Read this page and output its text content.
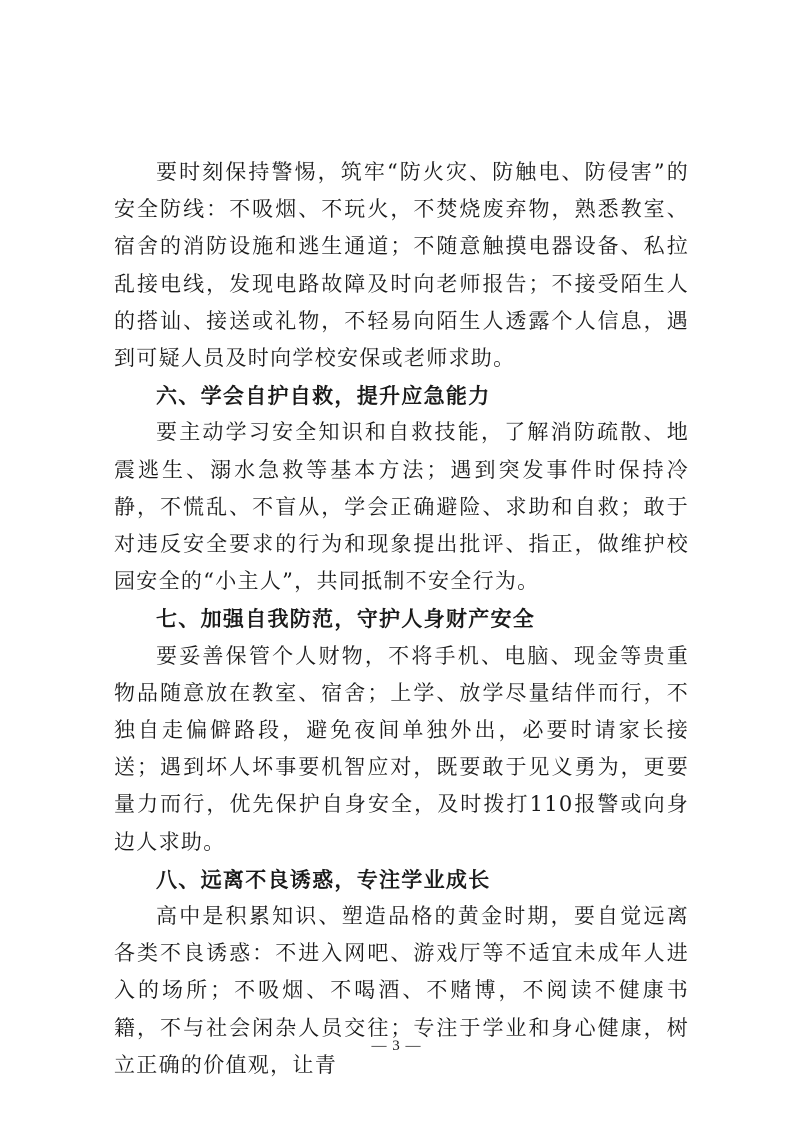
要时刻保持警惕，筑牢“防火灾、防触电、防侵害”的安全防线：不吸烟、不玩火，不焚烧废弃物，熟悉教室、宿舍的消防设施和逃生通道；不随意触摸电器设备、私拉乱接电线，发现电路故障及时向老师报告；不接受陌生人的搭讪、接送或礼物，不轻易向陌生人透露个人信息，遇到可疑人员及时向学校安保或老师求助。

六、学会自护自救，提升应急能力

要主动学习安全知识和自救技能，了解消防疏散、地震逃生、溺水急救等基本方法；遇到突发事件时保持冷静，不慌乱、不盲从，学会正确避险、求助和自救；敢于对违反安全要求的行为和现象提出批评、指正，做维护校园安全的“小主人”，共同抵制不安全行为。

七、加强自我防范，守护人身财产安全

要妥善保管个人财物，不将手机、电脑、现金等贵重物品随意放在教室、宿舍；上学、放学尽量结伴而行，不独自走偏僻路段，避免夜间单独外出，必要时请家长接送；遇到坏人坏事要机智应对，既要敢于见义勇为，更要量力而行，优先保护自身安全，及时拨打110报警或向身边人求助。

八、远离不良诱惑，专注学业成长

高中是积累知识、塑造品格的黄金时期，要自觉远离各类不良诱惑：不进入网吧、游戏厅等不适宜未成年人进入的场所；不吸烟、不喝酒、不赌博，不阅读不健康书籍，不与社会闲杂人员交往；专注于学业和身心健康，树立正确的价值观，让青

— 3 —
